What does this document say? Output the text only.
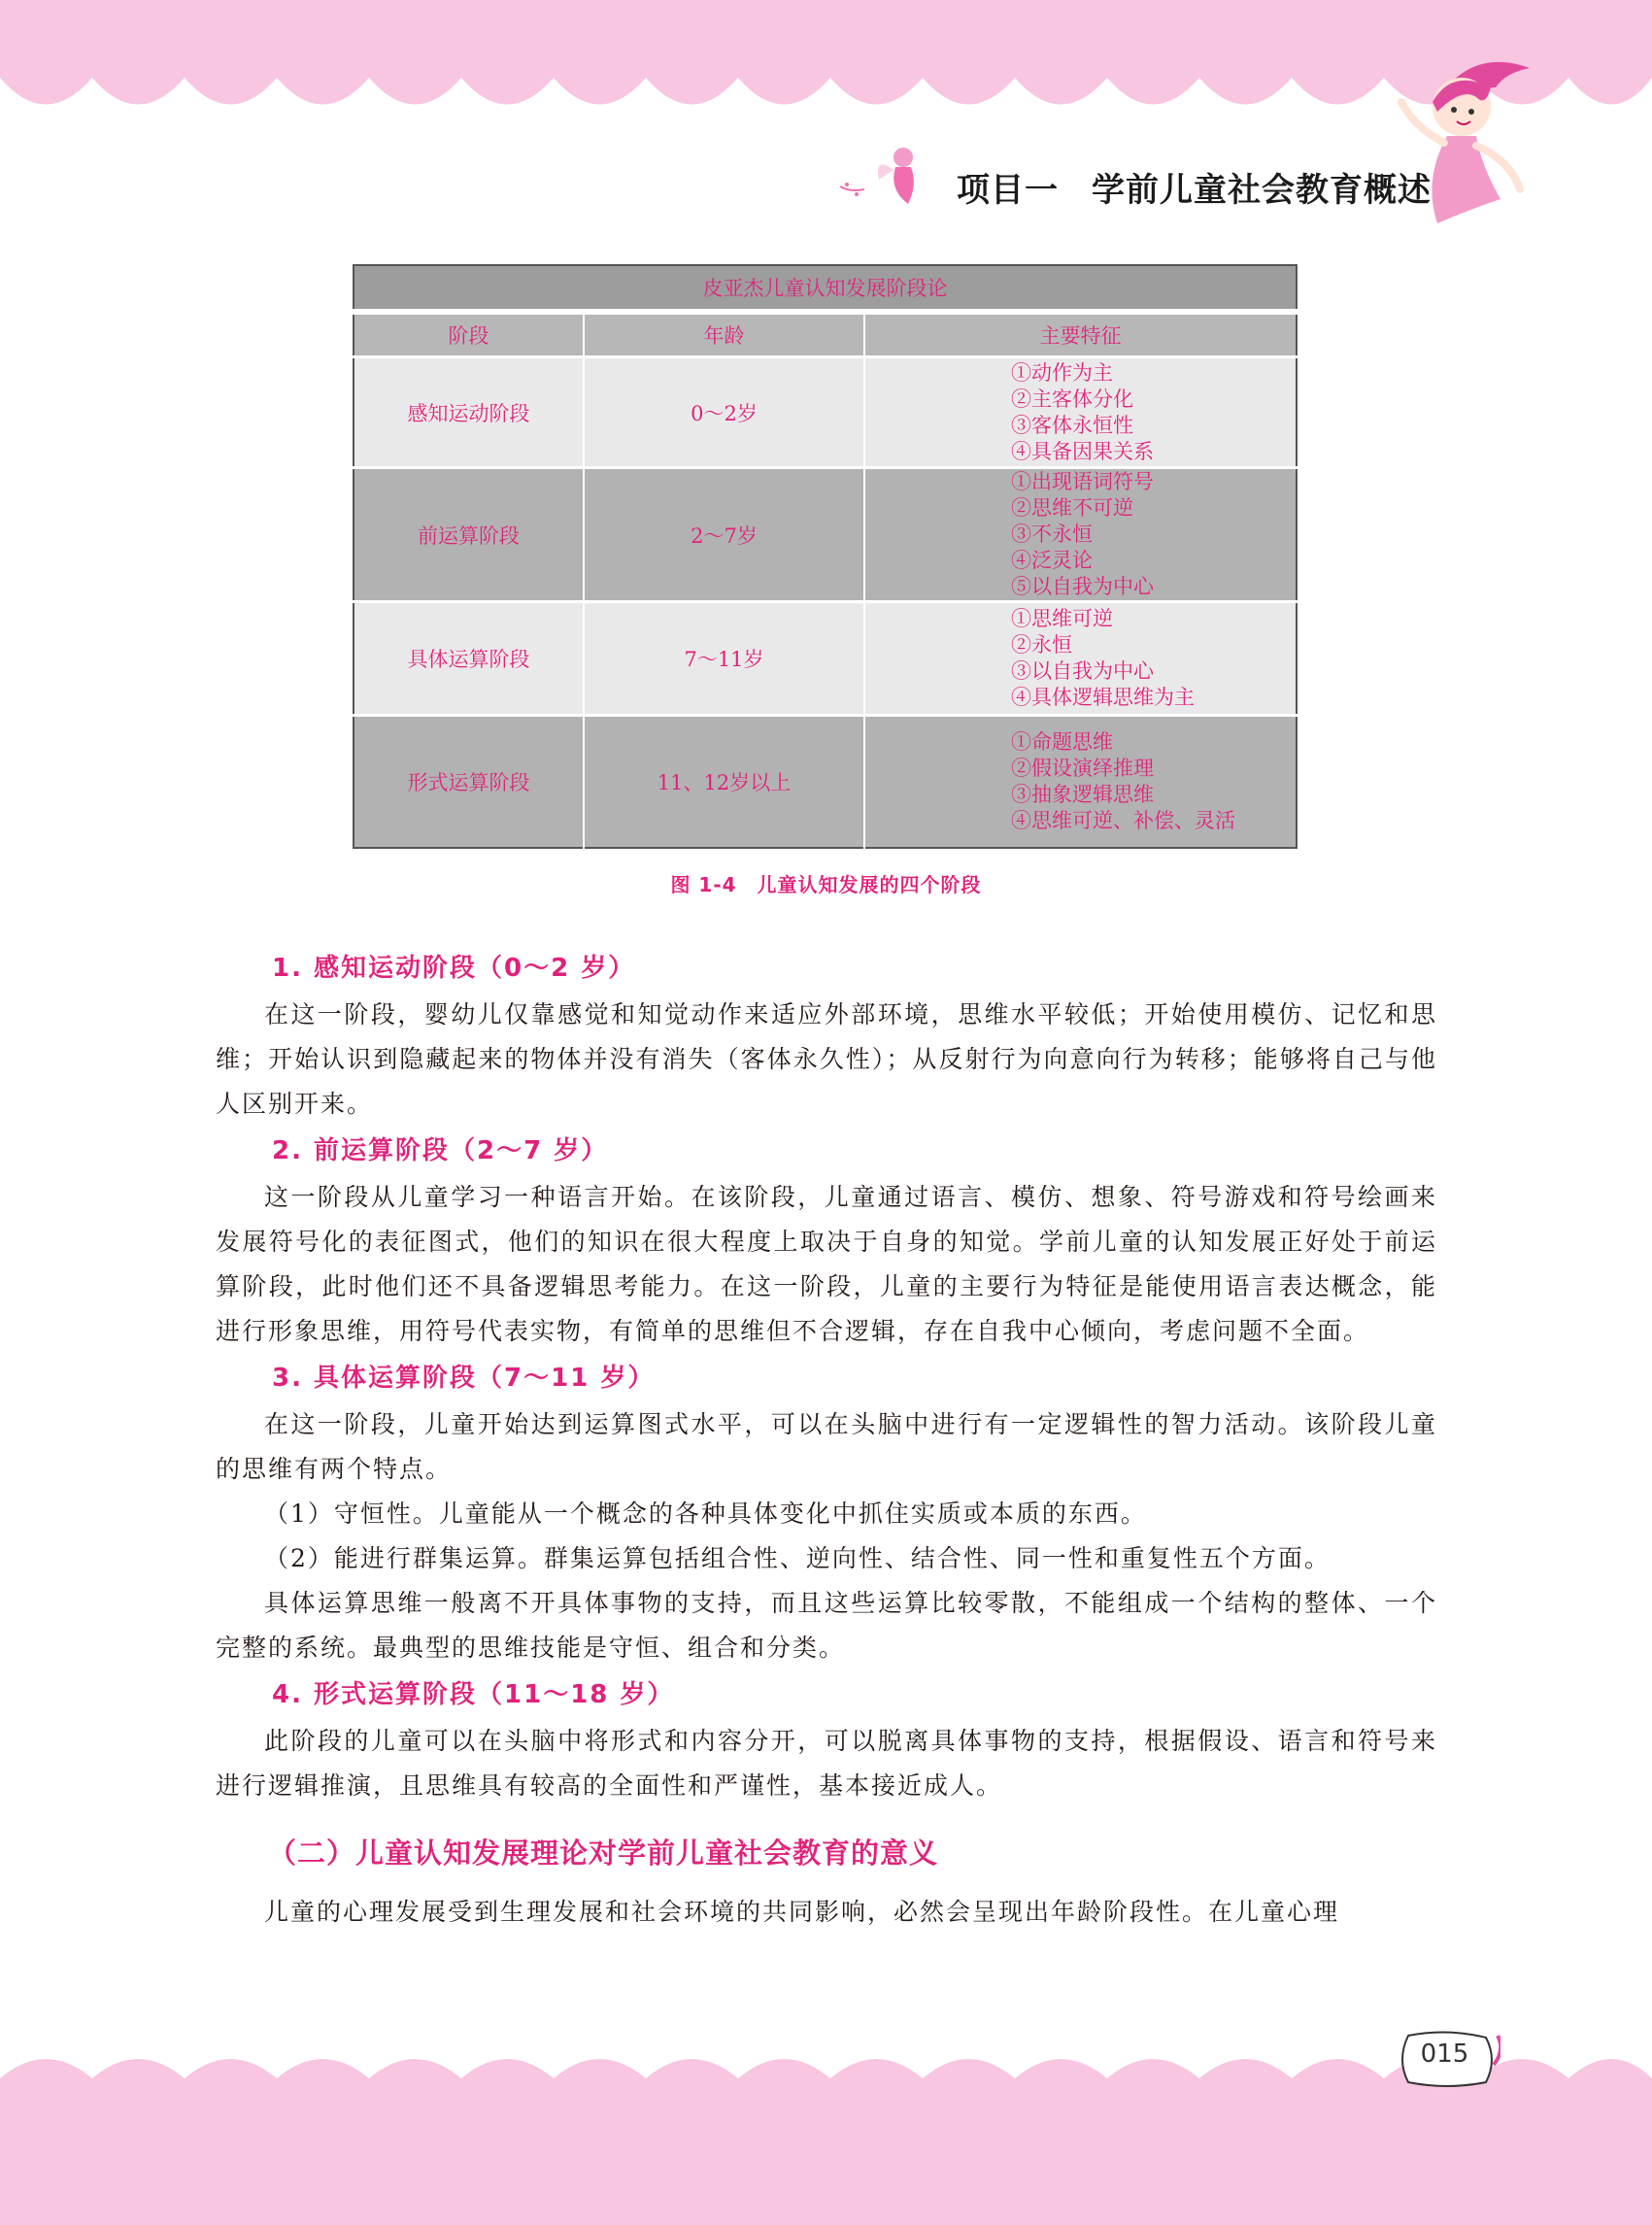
项目一 学前儿童社会教育概述
皮亚杰儿童认知发展阶段论		
阶段	年龄	主要特征
感知运动阶段	0～2岁	①动作为主
②主客体分化
③客体永恒性
④具备因果关系

前运算阶段	2～7岁	①出现语词符号
②思维不可逆
③不永恒
④泛灵论
⑤以自我为中心

具体运算阶段	7～11岁	①思维可逆
②永恒
③以自我为中心
④具体逻辑思维为主

形式运算阶段	11、12岁以上	①命题思维
②假设演绎推理
③抽象逻辑思维
④思维可逆、补偿、灵活
图 1-4　儿童认知发展的四个阶段
1. 感知运动阶段（0～2 岁）

在这一阶段，婴幼儿仅靠感觉和知觉动作来适应外部环境，思维水平较低；开始使用模仿、记忆和思维；开始认识到隐藏起来的物体并没有消失（客体永久性）；从反射行为向意向行为转移；能够将自己与他人区别开来。

2. 前运算阶段（2～7 岁）

这一阶段从儿童学习一种语言开始。在该阶段，儿童通过语言、模仿、想象、符号游戏和符号绘画来发展符号化的表征图式，他们的知识在很大程度上取决于自身的知觉。学前儿童的认知发展正好处于前运算阶段，此时他们还不具备逻辑思考能力。在这一阶段，儿童的主要行为特征是能使用语言表达概念，能进行形象思维，用符号代表实物，有简单的思维但不合逻辑，存在自我中心倾向，考虑问题不全面。

3. 具体运算阶段（7～11 岁）

在这一阶段，儿童开始达到运算图式水平，可以在头脑中进行有一定逻辑性的智力活动。该阶段儿童的思维有两个特点。

（1）守恒性。儿童能从一个概念的各种具体变化中抓住实质或本质的东西。

（2）能进行群集运算。群集运算包括组合性、逆向性、结合性、同一性和重复性五个方面。

具体运算思维一般离不开具体事物的支持，而且这些运算比较零散，不能组成一个结构的整体、一个完整的系统。最典型的思维技能是守恒、组合和分类。

4. 形式运算阶段（11～18 岁）

此阶段的儿童可以在头脑中将形式和内容分开，可以脱离具体事物的支持，根据假设、语言和符号来进行逻辑推演，且思维具有较高的全面性和严谨性，基本接近成人。

（二）儿童认知发展理论对学前儿童社会教育的意义

儿童的心理发展受到生理发展和社会环境的共同影响，必然会呈现出年龄阶段性。在儿童心理

015
